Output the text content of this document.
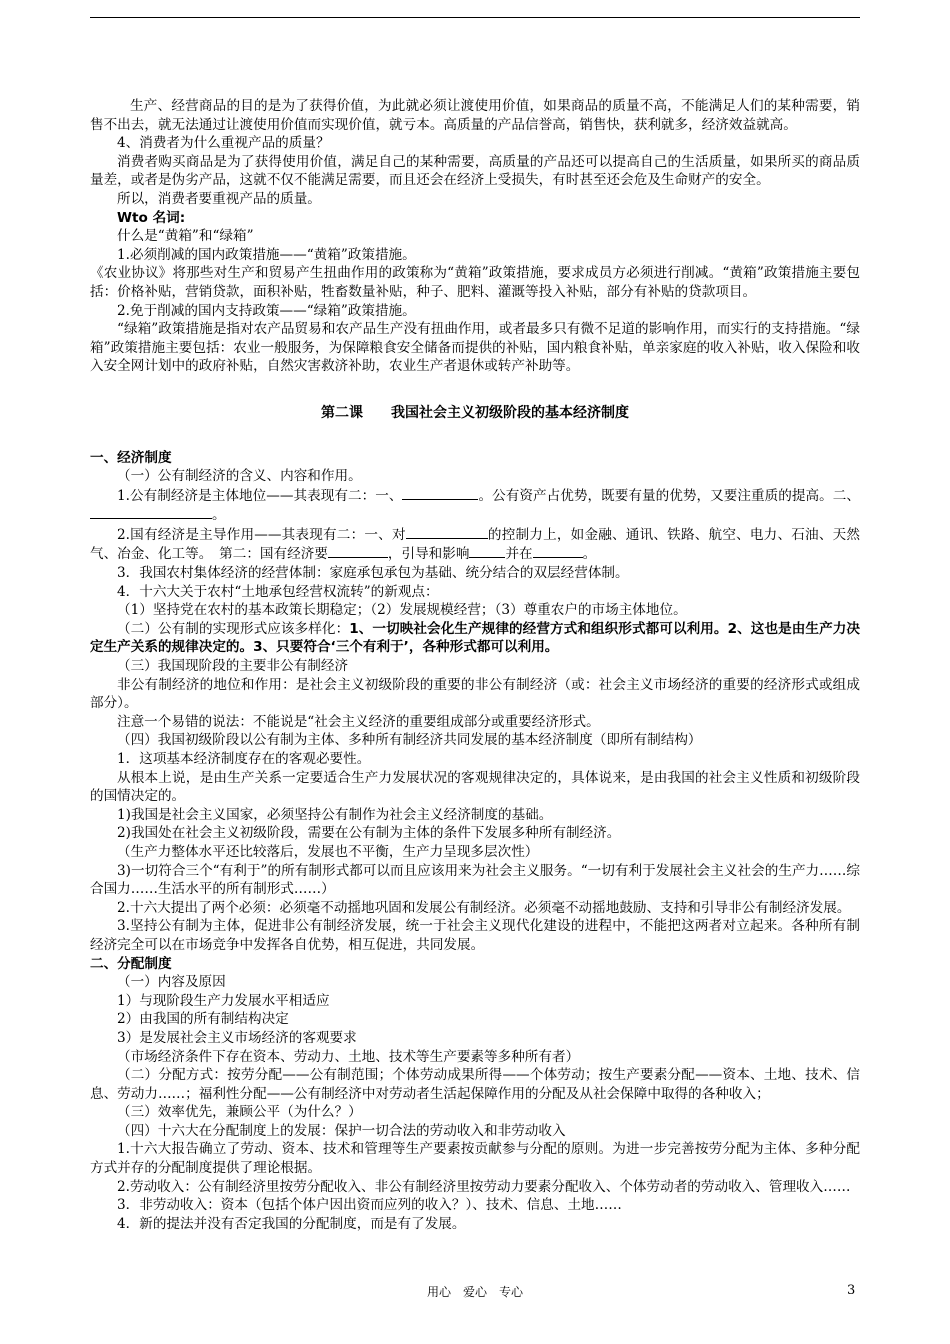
生产、经营商品的目的是为了获得价值，为此就必须让渡使用价值，如果商品的质量不高，不能满足人们的某种需要，销售不出去，就无法通过让渡使用价值而实现价值，就亏本。高质量的产品信誉高，销售快，获利就多，经济效益就高。

4、消费者为什么重视产品的质量？

消费者购买商品是为了获得使用价值，满足自己的某种需要，高质量的产品还可以提高自己的生活质量，如果所买的商品质量差，或者是伪劣产品，这就不仅不能满足需要，而且还会在经济上受损失，有时甚至还会危及生命财产的安全。

所以，消费者要重视产品的质量。

Wto 名词:

什么是“黄箱”和“绿箱”

1.必须削减的国内政策措施——“黄箱”政策措施。

《农业协议》将那些对生产和贸易产生扭曲作用的政策称为“黄箱”政策措施，要求成员方必须进行削减。“黄箱”政策措施主要包括：价格补贴，营销贷款，面积补贴，牲畜数量补贴，种子、肥料、灌溉等投入补贴，部分有补贴的贷款项目。

2.免于削减的国内支持政策——“绿箱”政策措施。

“绿箱”政策措施是指对农产品贸易和农产品生产没有扭曲作用，或者最多只有微不足道的影响作用，而实行的支持措施。“绿箱”政策措施主要包括：农业一般服务，为保障粮食安全储备而提供的补贴，国内粮食补贴，单亲家庭的收入补贴，收入保险和收入安全网计划中的政府补贴，自然灾害救济补助，农业生产者退休或转产补助等。

第二课　　我国社会主义初级阶段的基本经济制度

一、经济制度

（一）公有制经济的含义、内容和作用。

1.公有制经济是主体地位——其表现有二：一、	。公有资产占优势，既要有量的优势，又要注重质的提高。二、。

2.国有经济是主导作用——其表现有二：一、对	的控制力上，如金融、通讯、铁路、航空、电力、石油、天然气、冶金、化工等。　第二：国有经济要	，引导和影响	并在	。

3．我国农村集体经济的经营体制：家庭承包承包为基础、统分结合的双层经营体制。

4．十六大关于农村“土地承包经营权流转”的新观点：

（1）坚持党在农村的基本政策长期稳定；（2）发展规模经营；（3）尊重农户的市场主体地位。

（二）公有制的实现形式应该多样化：1、一切映社会化生产规律的经营方式和组织形式都可以利用。2、这也是由生产力决定生产关系的规律决定的。3、只要符合‘三个有利于’，各种形式都可以利用。

（三）我国现阶段的主要非公有制经济

非公有制经济的地位和作用：是社会主义初级阶段的重要的非公有制经济（或：社会主义市场经济的重要的经济形式或组成部分）。

注意一个易错的说法：不能说是“社会主义经济的重要组成部分或重要经济形式。

（四）我国初级阶段以公有制为主体、多种所有制经济共同发展的基本经济制度（即所有制结构）

1．这项基本经济制度存在的客观必要性。

从根本上说，是由生产关系一定要适合生产力发展状况的客观规律决定的，具体说来，是由我国的社会主义性质和初级阶段的国情决定的。

1)我国是社会主义国家，必须坚持公有制作为社会主义经济制度的基础。

2)我国处在社会主义初级阶段，需要在公有制为主体的条件下发展多种所有制经济。

（生产力整体水平还比较落后，发展也不平衡，生产力呈现多层次性）

3)一切符合三个“有利于”的所有制形式都可以而且应该用来为社会主义服务。“一切有利于发展社会主义社会的生产力……综合国力……生活水平的所有制形式……）

2.十六大提出了两个必须：必须毫不动摇地巩固和发展公有制经济。必须毫不动摇地鼓励、支持和引导非公有制经济发展。

3.坚持公有制为主体，促进非公有制经济发展，统一于社会主义现代化建设的进程中，不能把这两者对立起来。各种所有制经济完全可以在市场竞争中发挥各自优势，相互促进，共同发展。

二、分配制度

（一）内容及原因

1）与现阶段生产力发展水平相适应

2）由我国的所有制结构决定

3）是发展社会主义市场经济的客观要求

（市场经济条件下存在资本、劳动力、土地、技术等生产要素等多种所有者）

（二）分配方式：按劳分配——公有制范围；个体劳动成果所得——个体劳动；按生产要素分配——资本、土地、技术、信息、劳动力……；福利性分配——公有制经济中对劳动者生活起保障作用的分配及从社会保障中取得的各种收入；

（三）效率优先，兼顾公平（为什么？）

（四）十六大在分配制度上的发展：保护一切合法的劳动收入和非劳动收入

1.十六大报告确立了劳动、资本、技术和管理等生产要素按贡献参与分配的原则。为进一步完善按劳分配为主体、多种分配方式并存的分配制度提供了理论根据。

2.劳动收入：公有制经济里按劳分配收入、非公有制经济里按劳动力要素分配收入、个体劳动者的劳动收入、管理收入……

3．非劳动收入：资本（包括个体户因出资而应列的收入？）、技术、信息、土地……

4．新的提法并没有否定我国的分配制度，而是有了发展。

用心　爱心　专心	3
